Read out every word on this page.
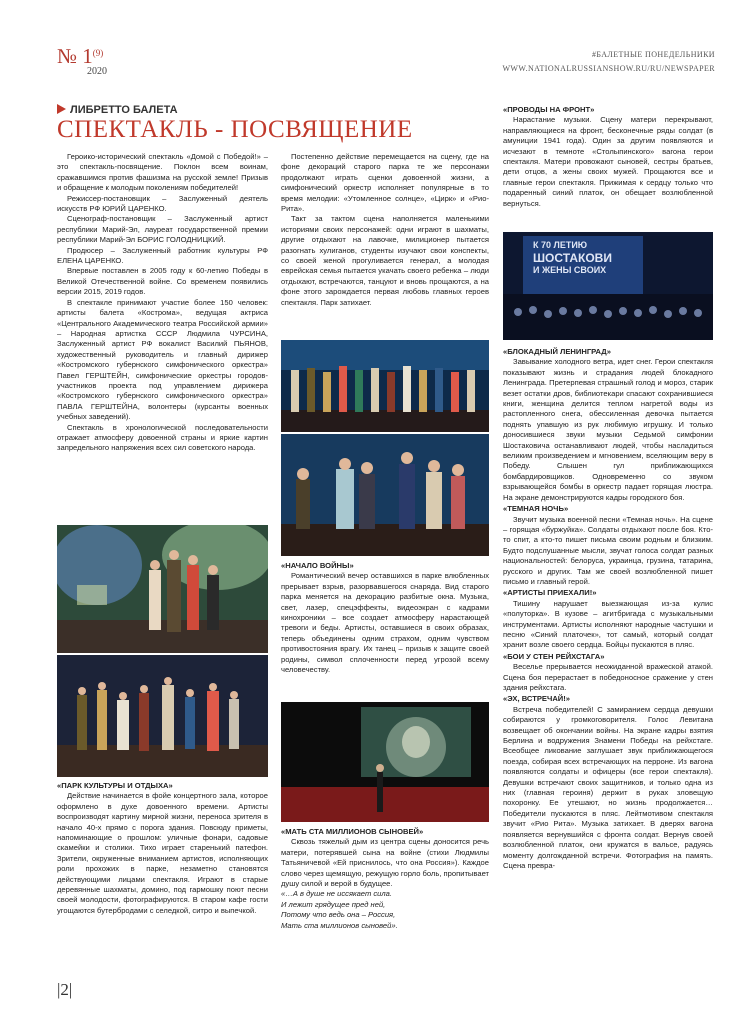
№ 1$^{(9)}$
2020
#БАЛЕТНЫЕ ПОНЕДЕЛЬНИКИ
WWW.NATIONALRUSSIANSHOW.RU/RU/NEWSPAPER
ЛИБРЕТТО БАЛЕТА
СПЕКТАКЛЬ - ПОСВЯЩЕНИЕ

Героико-исторический спектакль «Домой с Победой!» – это спектакль-посвящение. Поклон всем воинам, сражавшимся против фашизма на русской земле! Призыв и обращение к молодым поколениям победителей!

Режиссер-постановщик – Заслуженный деятель искусств РФ ЮРИЙ ЦАРЕНКО.

Сценограф-постановщик – Заслуженный артист республики Марий-Эл, лауреат государственной премии республики Марий-Эл БОРИС ГОЛОДНИЦКИЙ.

Продюсер – Заслуженный работник культуры РФ ЕЛЕНА ЦАРЕНКО.

Впервые поставлен в 2005 году к 60-летию Победы в Великой Отечественной войне. Со временем появились версии 2015, 2019 годов.

В спектакле принимают участие более 150 человек: артисты балета «Кострома», ведущая актриса «Центрального Академического театра Российской армии» – Народная артистка СССР Людмила ЧУРСИНА, Заслуженный артист РФ вокалист Василий ПЬЯНОВ, художественный руководитель и главный дирижер «Костромского губернского симфонического оркестра» Павел ГЕРШТЕЙН, симфонические оркестры городов-участников проекта под управлением дирижера «Костромского губернского симфонического оркестра» ПАВЛА ГЕРШТЕЙНА, волонтеры (курсанты военных учебных заведений).

Спектакль в хронологической последовательности отражает атмосферу довоенной страны и яркие картин запредельного напряжения всех сил советского народа.

«ПАРК КУЛЬТУРЫ И ОТДЫХА»

Действие начинается в фойе концертного зала, которое оформлено в духе довоенного времени. Артисты воспроизводят картину мирной жизни, переноса зрителя в начало 40-х прямо с порога здания. Повсюду приметы, напоминающие о прошлом: уличные фонари, садовые скамейки и столики. Тихо играет старенький патефон. Зрители, окруженные вниманием артистов, исполняющих роли прохожих в парке, незаметно становятся действующими лицами спектакля. Играют в старые деревянные шахматы, домино, под гармошку поют песни своей молодости, фотографируются. В старом кафе гости угощаются бутербродами с селедкой, ситро и выпечкой.

Постепенно действие перемещается на сцену, где на фоне декораций старого парка те же персонажи продолжают играть сценки довоенной жизни, а симфонический оркестр исполняет популярные в то время мелодии: «Утомленное солнце», «Цирк» и «Рио-Рита».

Такт за тактом сцена наполняется маленькими историями своих персонажей: одни играют в шахматы, другие отдыхают на лавочке, милиционер пытается разогнать хулиганов, студенты изучают свои конспекты, со своей женой прогуливается генерал, а молодая еврейская семья пытается укачать своего ребенка – люди отдыхают, встречаются, танцуют и вновь прощаются, а на фоне этого зарождается первая любовь главных героев спектакля. Парк затихает.

«НАЧАЛО ВОЙНЫ»

Романтический вечер оставшихся в парке влюбленных прерывает взрыв, разорвавшегося снаряда. Вид старого парка меняется на декорацию разбитые окна. Музыка, свет, лазер, спецэффекты, видеоэкран с кадрами кинохроники – все создает атмосферу нарастающей тревоги и беды. Артисты, оставшиеся в своих образах, теперь объединены одним страхом, одним чувством противостояния врагу. Их танец – призыв к защите своей родины, символ сплоченности перед угрозой всему человечеству.

«МАТЬ СТА МИЛЛИОНОВ СЫНОВЕЙ»

Сквозь тяжелый дым из центра сцены доносится речь матери, потерявшей сына на войне (стихи Людмилы Татьяничевой «Ей приснилось, что она Россия»). Каждое слово через щемящую, режущую горло боль, пропитывает душу силой и верой в будущее.

«…А в душе не иссякает сила.

И лежит грядущее пред ней,

Потому что ведь она – Россия,

Мать ста миллионов сыновей».

«ПРОВОДЫ НА ФРОНТ»

Нарастание музыки. Сцену матери перекрывают, направляющиеся на фронт, бесконечные ряды солдат (в амуниции 1941 года). Один за другим появляются и исчезают в темноте «Столыпинского» вагона герои спектакля. Матери провожают сыновей, сестры братьев, дети отцов, а жены своих мужей. Прощаются все и главные герои спектакля. Прижимая к сердцу только что подаренный синий платок, он обещает возлюбленной вернуться.

К 70 ЛЕТИЮ
ШОСТАКОВИ
И ЖЕНЫ СВОИХ

«БЛОКАДНЫЙ ЛЕНИНГРАД»

Завывание холодного ветра, идет снег. Герои спектакля показывают жизнь и страдания людей блокадного Ленинграда. Претерпевая страшный голод и мороз, старик везет остатки дров, библиотекари спасают сохранившиеся книги, женщина делится теплом нагретой воды из растопленного снега, обессиленная девочка пытается поднять упавшую из рук любимую игрушку. И только доносившиеся звуки музыки Седьмой симфонии Шостаковича останавливают людей, чтобы насладиться великим произведением и мгновением, вселяющим веру в Победу. Слышен гул приближающихся бомбардировщиков. Одновременно со звуком взрывающейся бомбы в оркестр падает горящая люстра. На экране демонстрируются кадры городского боя.

«ТЕМНАЯ НОЧЬ»

Звучит музыка военной песни «Темная ночь». На сцене – горящая «буржуйка». Солдаты отдыхают после боя. Кто-то спит, а кто-то пишет письма своим родным и близким. Будто подслушанные мысли, звучат голоса солдат разных национальностей: белоруса, украинца, грузина, татарина, русского и других. Там же своей возлюбленной пишет письмо и главный герой.

«АРТИСТЫ ПРИЕХАЛИ!»

Тишину нарушает выезжающая из-за кулис «полуторка». В кузове – агитбригада с музыкальными инструментами. Артисты исполняют народные частушки и песню «Синий платочек», тот самый, который солдат хранит возле своего сердца. Бойцы пускаются в пляс.

«БОИ У СТЕН РЕЙХСТАГА»

Веселье прерывается неожиданной вражеской атакой. Сцена боя перерастает в победоносное сражение у стен здания рейхстага.

«ЭХ, ВСТРЕЧАЙ!»

Встреча победителей! С замиранием сердца девушки собираются у громкоговорителя. Голос Левитана возвещает об окончании войны. На экране кадры взятия Берлина и водружения Знамени Победы на рейхстаге. Всеобщее ликование заглушает звук приближающегося поезда, собирая всех встречающих на перроне. Из вагона появляются солдаты и офицеры (все герои спектакля). Девушки встречают своих защитников, и только одна из них (главная героиня) держит в руках зловещую похоронку. Ее утешают, но жизнь продолжается… Победители пускаются в пляс. Лейтмотивом спектакля звучит «Рио Рита». Музыка затихает. В дверях вагона появляется вернувшийся с фронта солдат. Вернув своей возлюбленной платок, они кружатся в вальсе, радуясь моменту долгожданной встречи. Фотография на память. Сцена превра-

|2|
